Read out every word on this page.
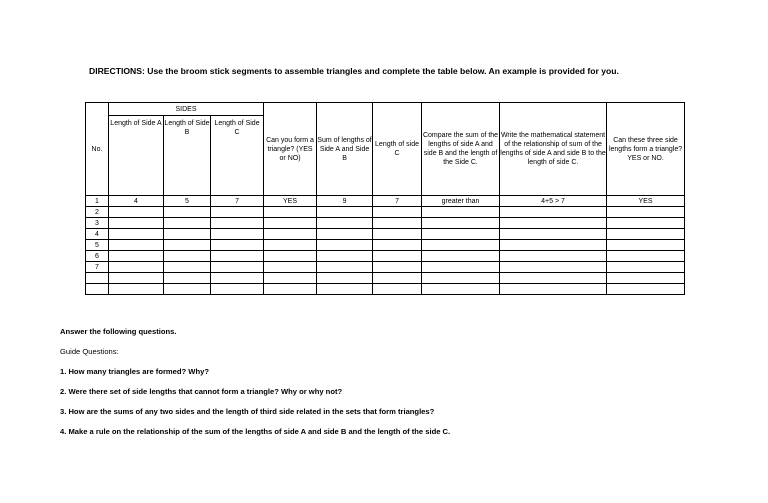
DIRECTIONS: Use the broom stick segments to assemble triangles and complete the table below. An example is provided for you.
No.	SIDES			Can you form a triangle? (YES or NO)	Sum of lengths of Side A and Side B	Length of side C	Compare the sum of the lengths of side A and side B and the length of the Side C.	Write the mathematical statement of the relationship of sum of the lengths of side A and side B to the length of side C.	Can these three side lengths form a triangle? YES or NO.
	Length of Side A	Length of Side B	Length of Side C						
1	4	5	7	YES	9	7	greater than	4+5 > 7	YES
2									
3									
4									
5									
6									
7									

Answer the following questions.
Guide Questions:
1. How many triangles are formed? Why?
2. Were there set of side lengths that cannot form a triangle? Why or why not?
3. How are the sums of any two sides and the length of third side related in the sets that form triangles?
4. Make a rule on the relationship of the sum of the lengths of side A and side B and the length of the side C.
